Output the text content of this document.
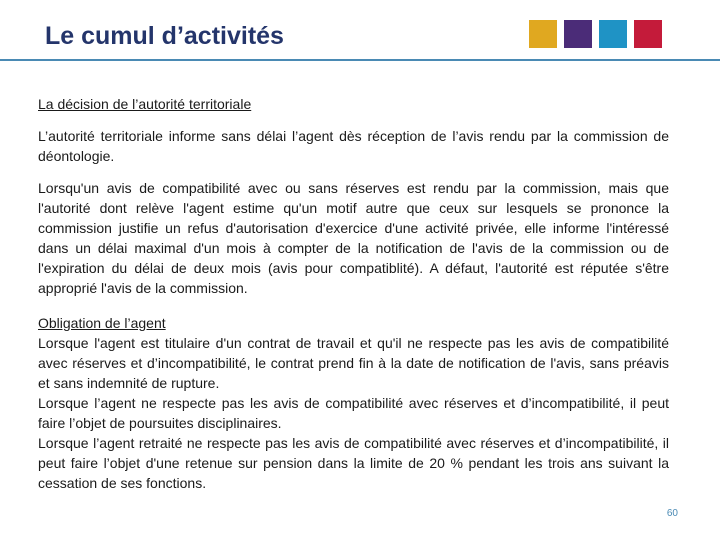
Le cumul d’activités

La décision de l’autorité territoriale

L’autorité territoriale informe sans délai l’agent dès réception de l’avis rendu par la commission de déontologie.

Lorsqu'un avis de compatibilité avec ou sans réserves est rendu par la commission, mais que l'autorité dont relève l'agent estime qu'un motif autre que ceux sur lesquels se prononce la commission justifie un refus d'autorisation d'exercice d'une activité privée, elle informe l'intéressé dans un délai maximal d'un mois à compter de la notification de l'avis de la commission ou de l'expiration du délai de deux mois (avis pour compatiblité). A défaut, l'autorité est réputée s'être approprié l'avis de la commission.

Obligation de l’agent

Lorsque l'agent est titulaire d'un contrat de travail et qu'il ne respecte pas les avis de compatibilité avec réserves et d’incompatibilité, le contrat prend fin à la date de notification de l'avis, sans préavis et sans indemnité de rupture.

Lorsque l’agent ne respecte pas les avis de compatibilité avec réserves et d’incompatibilité, il peut faire l’objet de poursuites disciplinaires.

Lorsque l’agent retraité ne respecte pas les avis de compatibilité avec réserves et d’incompatibilité, il peut faire l’objet d'une retenue sur pension dans la limite de 20 % pendant les trois ans suivant la cessation de ses fonctions.

60
